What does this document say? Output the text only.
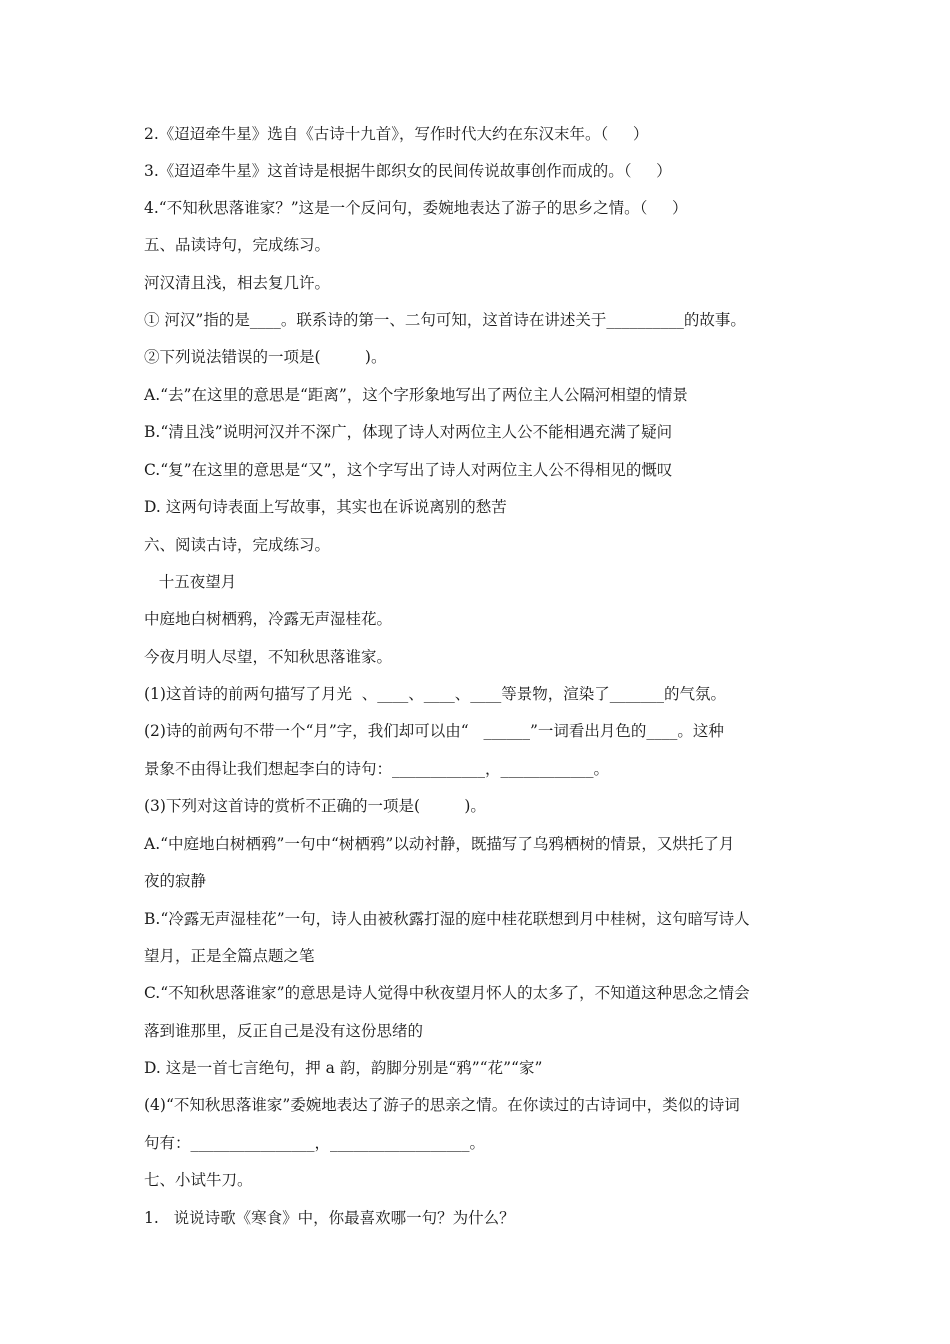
2.《迢迢牵牛星》选自《古诗十九首》，写作时代大约在东汉末年。（     ）
3.《迢迢牵牛星》这首诗是根据牛郎织女的民间传说故事创作而成的。（     ）
4.“不知秋思落谁家？”这是一个反问句，委婉地表达了游子的思乡之情。（     ）
五、品读诗句，完成练习。
河汉清且浅，相去复几许。
① 河汉”指的是____。联系诗的第一、二句可知，这首诗在讲述关于__________的故事。
②下列说法错误的一项是(         )。
A.“去”在这里的意思是“距离”，这个字形象地写出了两位主人公隔河相望的情景
B.“清且浅”说明河汉并不深广，体现了诗人对两位主人公不能相遇充满了疑问
C.“复”在这里的意思是“又”，这个字写出了诗人对两位主人公不得相见的慨叹
D. 这两句诗表面上写故事，其实也在诉说离别的愁苦
六、阅读古诗，完成练习。
十五夜望月
中庭地白树栖鸦，冷露无声湿桂花。
今夜月明人尽望，不知秋思落谁家。
(1)这首诗的前两句描写了月光  、____、____、____等景物，渲染了_______的气氛。
(2)诗的前两句不带一个“月”字，我们却可以由“   ______”一词看出月色的____。这种
景象不由得让我们想起李白的诗句：____________，____________。
(3)下列对这首诗的赏析不正确的一项是(         )。
A.“中庭地白树栖鸦”一句中“树栖鸦”以动衬静，既描写了乌鸦栖树的情景，又烘托了月
夜的寂静
B.“冷露无声湿桂花”一句，诗人由被秋露打湿的庭中桂花联想到月中桂树，这句暗写诗人
望月，正是全篇点题之笔
C.“不知秋思落谁家”的意思是诗人觉得中秋夜望月怀人的太多了，不知道这种思念之情会
落到谁那里，反正自己是没有这份思绪的
D. 这是一首七言绝句，押 a 韵，韵脚分别是“鸦”“花”“家”
(4)“不知秋思落谁家”委婉地表达了游子的思亲之情。在你读过的古诗词中，类似的诗词
句有：________________，__________________。
七、小试牛刀。
1.   说说诗歌《寒食》中，你最喜欢哪一句？为什么？
